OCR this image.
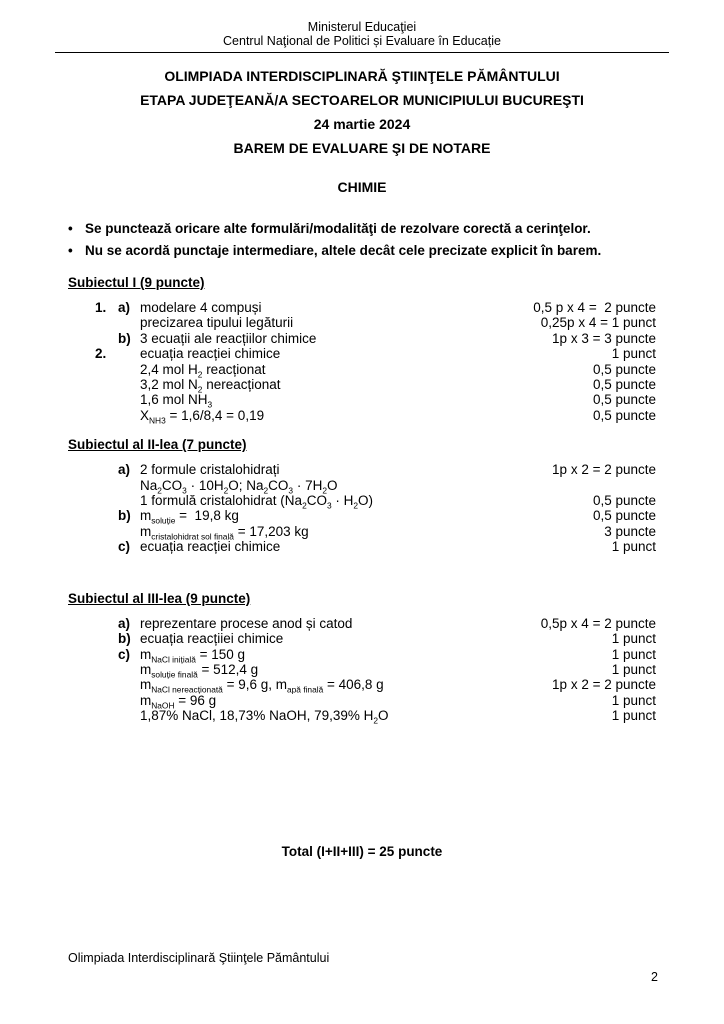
Ministerul Educaţiei
Centrul Naţional de Politici și Evaluare în Educație
OLIMPIADA INTERDISCIPLINARĂ ŞTIINŢELE PĂMÂNTULUI
ETAPA JUDEŢEANĂ/A SECTOARELOR MUNICIPIULUI BUCUREŞTI
24 martie 2024
BAREM DE EVALUARE ŞI DE NOTARE
CHIMIE
• Se punctează oricare alte formulări/modalităţi de rezolvare corectă a cerinţelor.
• Nu se acordă punctaje intermediare, altele decât cele precizate explicit în barem.
Subiectul I (9 puncte)
1. a) modelare 4 compuși	0,5 p x 4 =  2 puncte
precizarea tipului legăturii	0,25p x 4 = 1 punct
b) 3 ecuații ale reacțiilor chimice	1p x 3 = 3 puncte
2.	ecuația reacției chimice	1 punct
2,4 mol $H_2$ reacționat	0,5 puncte
3,2 mol $N_2$ nereacționat	0,5 puncte
1,6 mol $NH_3$	0,5 puncte
$X_{NH3} = 1,6/8,4 = 0,19$	0,5 puncte
Subiectul al II-lea (7 puncte)
a) 2 formule cristalohidrați	1p x 2 = 2 puncte
$Na_2CO_3 \cdot 10H_2O$; $Na_2CO_3 \cdot 7H_2O$
1 formulă cristalohidrat $(Na_2CO_3 \cdot H_2O)$	0,5 puncte
b) $m_{soluție} = 19,8$ kg	0,5 puncte
$m_{cristalohidrat sol finală} = 17,203$ kg	3 puncte
c) ecuația reacției chimice	1 punct
Subiectul al III-lea (9 puncte)
a) reprezentare procese anod și catod	0,5p x 4 = 2 puncte
b) ecuația reacțiiei chimice	1 punct
c) $m_{NaCl inițială} = 150$ g	1 punct
$m_{soluție finală} = 512,4$ g	1 punct
$m_{NaCl nereacționată} = 9,6$ g, $m_{apă finală} = 406,8$ g	1p x 2 = 2 puncte
$m_{NaOH} = 96$ g	1 punct
1,87% NaCl, 18,73% NaOH, 79,39% $H_2O$	1 punct
Total (I+II+III) = 25 puncte
Olimpiada Interdisciplinară Ştiinţele Pământului
2
